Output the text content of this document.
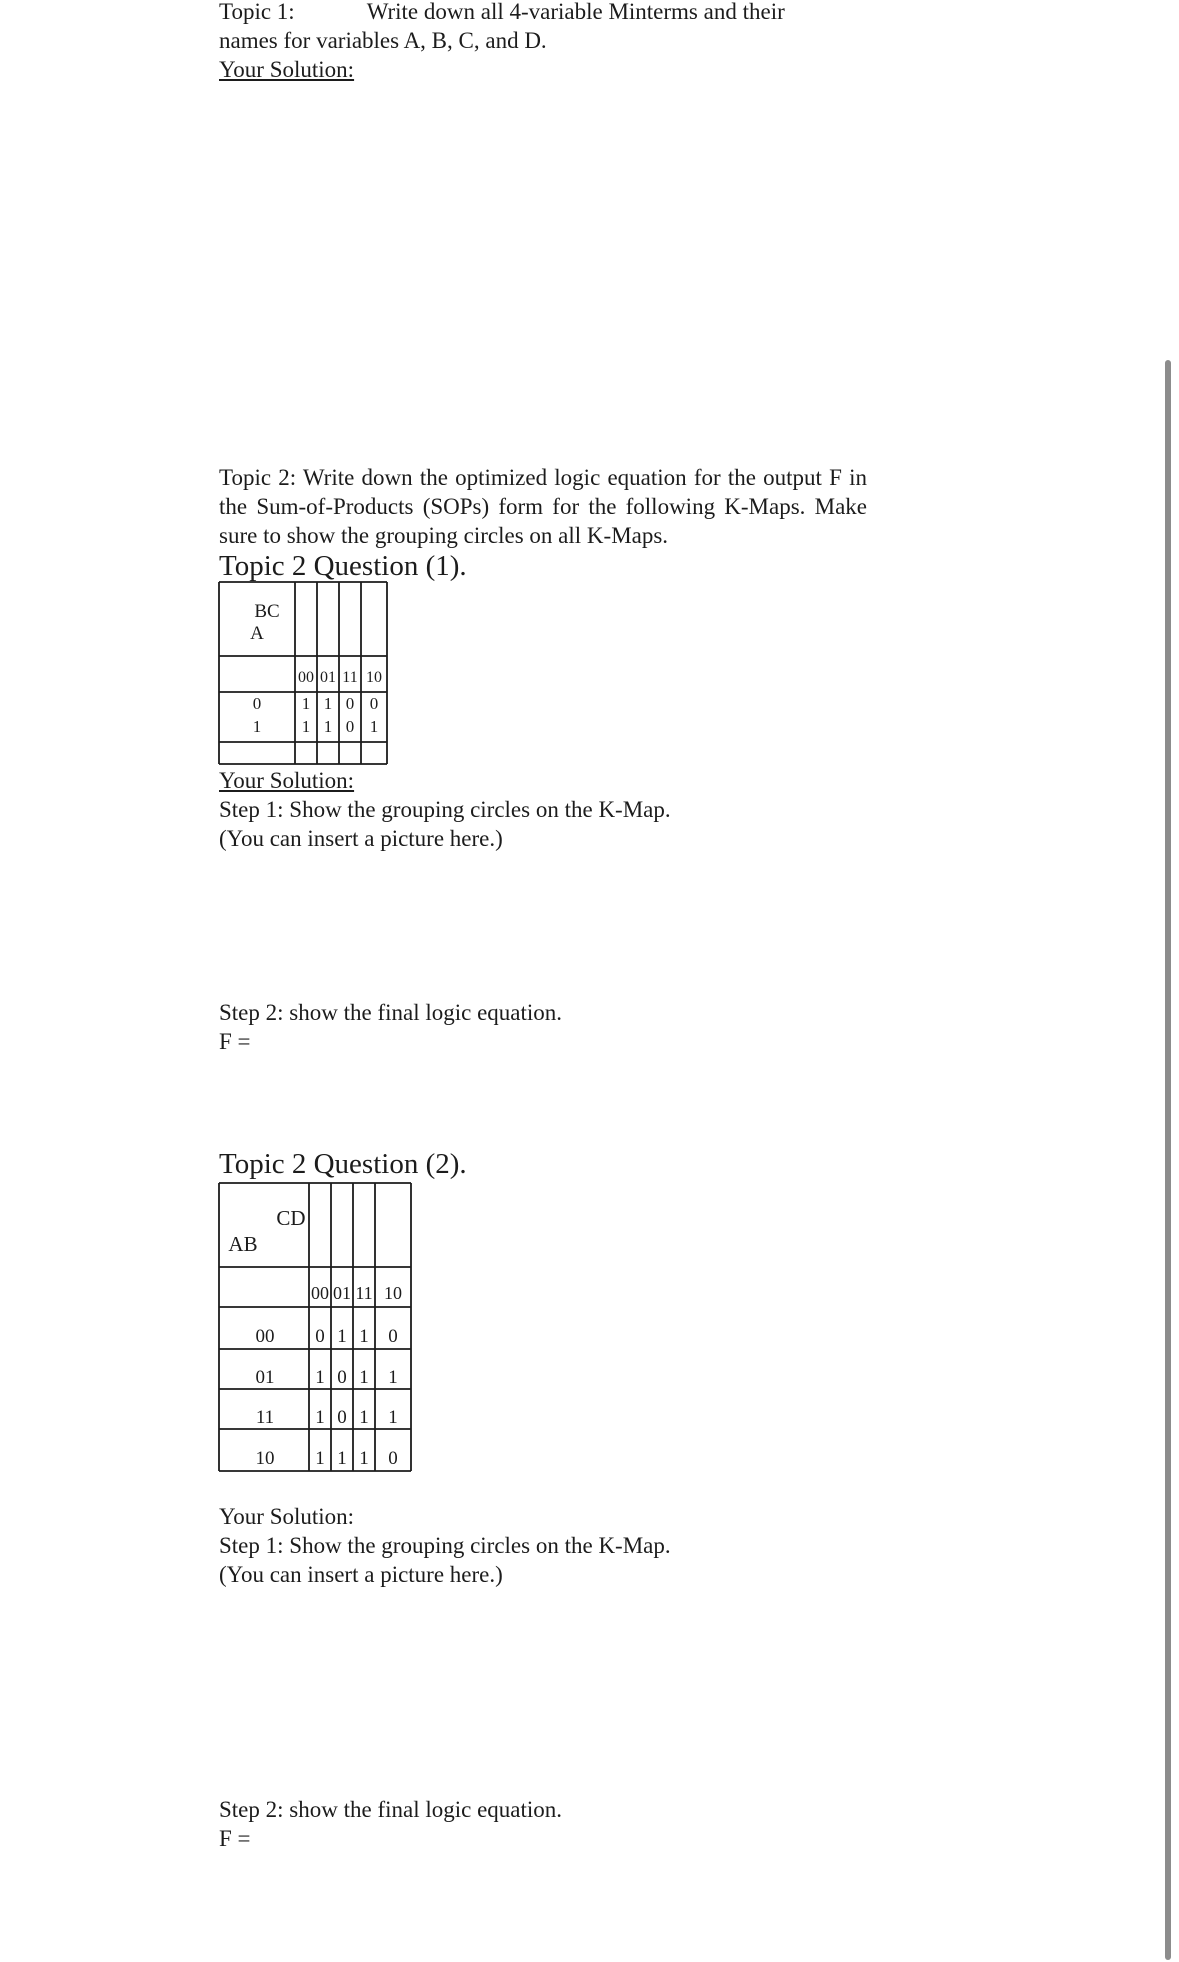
Topic 1:	Write down all 4-variable Minterms and their

names for variables A, B, C, and D.

Your Solution:

Topic 2: Write down the optimized logic equation for the output F in the Sum-of-Products (SOPs) form for the following K-Maps. Make sure to show the grouping circles on all K-Maps.

Topic 2 Question (1).

BC
A
00 01 11 10
0
1
1 1 0 0
1 1 0 1

Your Solution:

Step 1: Show the grouping circles on the K-Map.

(You can insert a picture here.)

Step 2: show the final logic equation.

F =

Topic 2 Question (2).

CD
AB
00 01 11 10
00
01
11
10
0 1 1 0
1 0 1 1
1 0 1 1
1 1 1 0

Your Solution:

Step 1: Show the grouping circles on the K-Map.

(You can insert a picture here.)

Step 2: show the final logic equation.

F =
